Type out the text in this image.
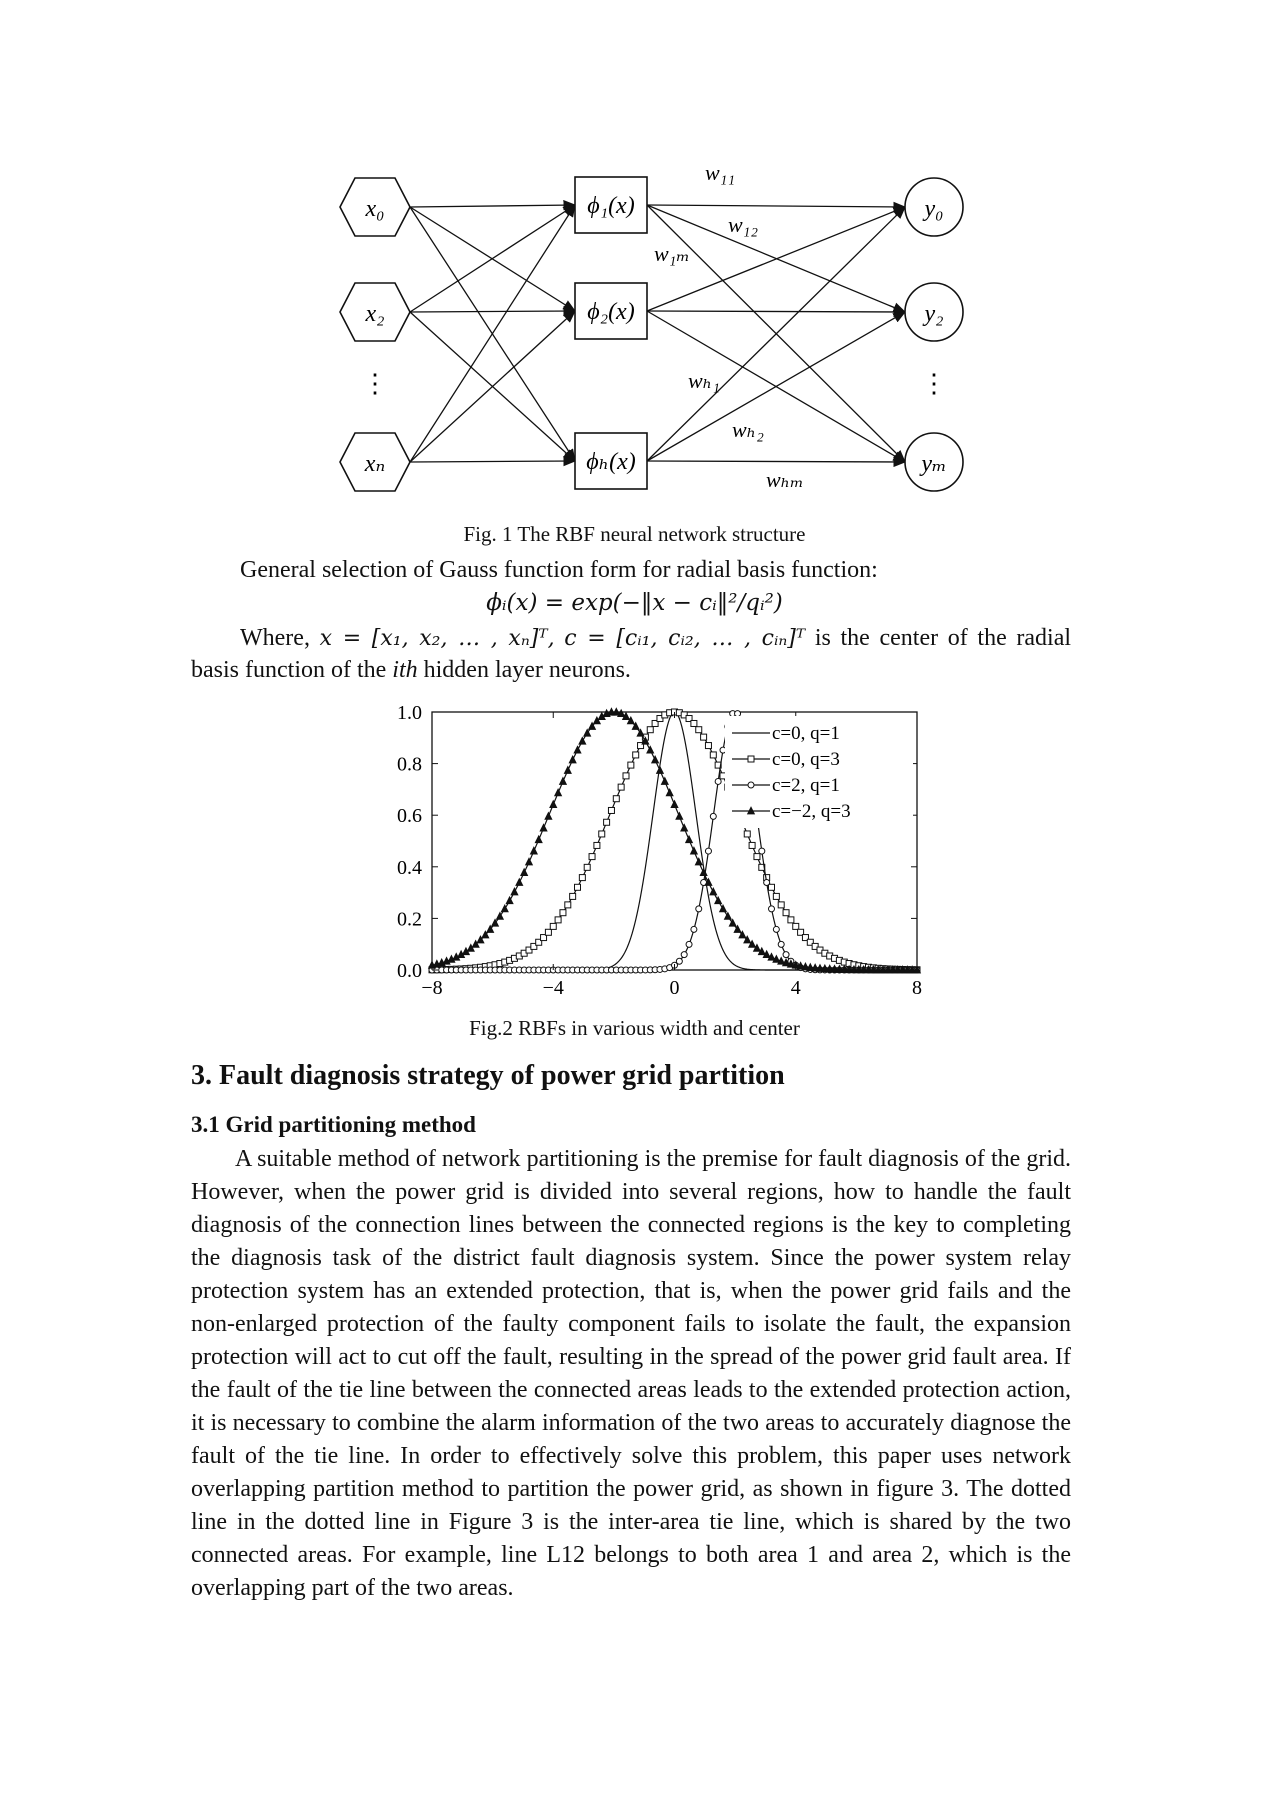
x₀
x₂
⋮
xₙ
ϕ₁(x)
ϕ₂(x)
ϕₕ(x)
y₀
y₂
⋮
yₘ
w₁₁
w₁₂
w₁ₘ
wₕ₁
wₕ₂
wₕₘ
Fig. 1 The RBF neural network structure
General selection of Gauss function form for radial basis function:
ϕᵢ(x) = exp(−‖x − cᵢ‖²/qᵢ²)
Where, x = [x₁, x₂, … , xₙ]ᵀ, c = [cᵢ₁, cᵢ₂, … , cᵢₙ]ᵀ is the center of the radial
basis function of the ith hidden layer neurons.
−8	−4	0	4	8
0.0
0.2
0.4
0.6
0.8
1.0
c=0, q=1
c=0, q=3
c=2, q=1
c=−2, q=3
Fig.2 RBFs in various width and center
3. Fault diagnosis strategy of power grid partition
3.1 Grid partitioning method
A suitable method of network partitioning is the premise for fault diagnosis of the grid. However, when the power grid is divided into several regions, how to handle the fault diagnosis of the connection lines between the connected regions is the key to completing the diagnosis task of the district fault diagnosis system. Since the power system relay protection system has an extended protection, that is, when the power grid fails and the non-enlarged protection of the faulty component fails to isolate the fault, the expansion protection will act to cut off the fault, resulting in the spread of the power grid fault area. If the fault of the tie line between the connected areas leads to the extended protection action, it is necessary to combine the alarm information of the two areas to accurately diagnose the fault of the tie line. In order to effectively solve this problem, this paper uses network overlapping partition method to partition the power grid, as shown in figure 3. The dotted line in the dotted line in Figure 3 is the inter-area tie line, which is shared by the two connected areas. For example, line L12 belongs to both area 1 and area 2, which is the overlapping part of the two areas.
